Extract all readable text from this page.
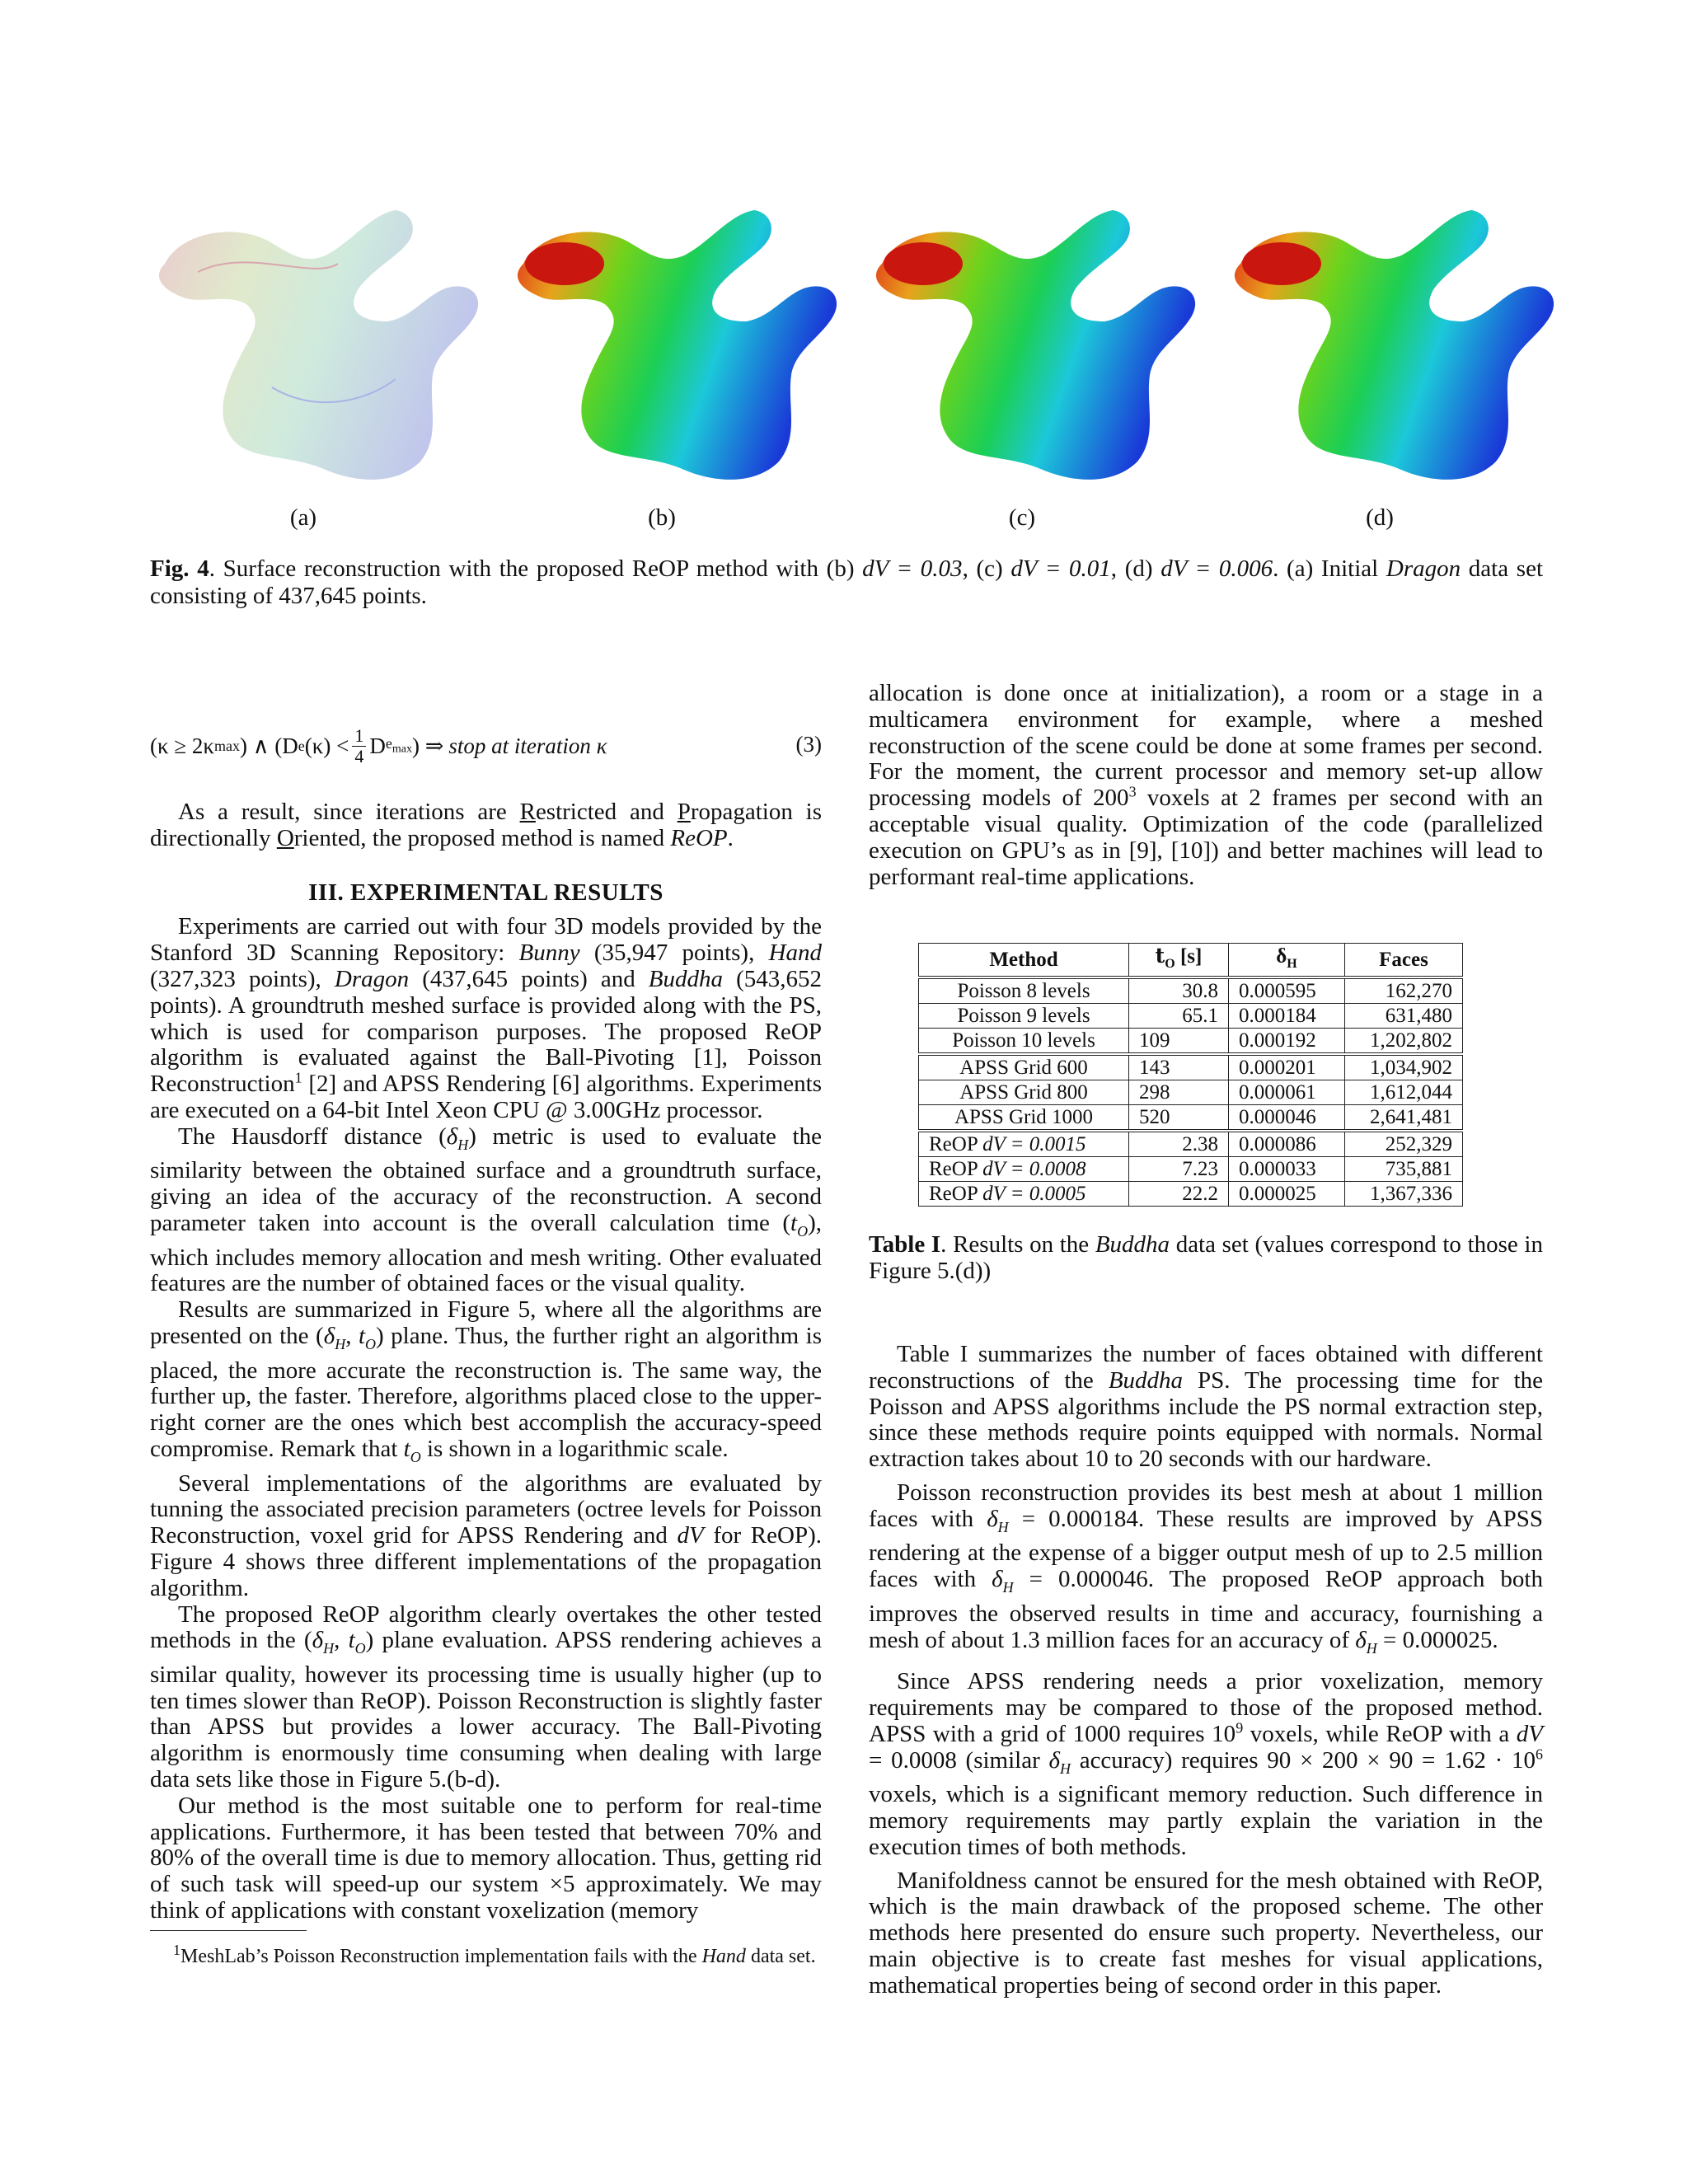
(a)	(b)	(c)	(d)
Fig. 4. Surface reconstruction with the proposed ReOP method with (b) dV = 0.03, (c) dV = 0.01, (d) dV = 0.006. (a) Initial Dragon data set consisting of 437,645 points.
(κ ≥ 2κ max ) ∧ (D e (κ) < 1
4 D $e_{max}$ ) ⇒ stop at iteration κ	(3)

As a result, since iterations are Restricted and Propagation is directionally Oriented, the proposed method is named ReOP.

III. EXPERIMENTAL RESULTS

Experiments are carried out with four 3D models provided by the Stanford 3D Scanning Repository: Bunny (35,947 points), Hand (327,323 points), Dragon (437,645 points) and Buddha (543,652 points). A groundtruth meshed surface is provided along with the PS, which is used for comparison purposes. The proposed ReOP algorithm is evaluated against the Ball-Pivoting [1], Poisson Reconstruction$^1$ [2] and APSS Rendering [6] algorithms. Experiments are executed on a 64-bit Intel Xeon CPU @ 3.00GHz processor.

The Hausdorff distance $(\delta_H)$ metric is used to evaluate the similarity between the obtained surface and a groundtruth surface, giving an idea of the accuracy of the reconstruction. A second parameter taken into account is the overall calculation time $(t_O)$, which includes memory allocation and mesh writing. Other evaluated features are the number of obtained faces or the visual quality.

Results are summarized in Figure 5, where all the algorithms are presented on the ($\delta_H$, $t_O$) plane. Thus, the further right an algorithm is placed, the more accurate the reconstruction is. The same way, the further up, the faster. Therefore, algorithms placed close to the upper-right corner are the ones which best accomplish the accuracy-speed compromise. Remark that $t_O$ is shown in a logarithmic scale.

Several implementations of the algorithms are evaluated by tunning the associated precision parameters (octree levels for Poisson Reconstruction, voxel grid for APSS Rendering and dV for ReOP). Figure 4 shows three different implementations of the propagation algorithm.

The proposed ReOP algorithm clearly overtakes the other tested methods in the ($\delta_H$, $t_O$) plane evaluation. APSS rendering achieves a similar quality, however its processing time is usually higher (up to ten times slower than ReOP). Poisson Reconstruction is slightly faster than APSS but provides a lower accuracy. The Ball-Pivoting algorithm is enormously time consuming when dealing with large data sets like those in Figure 5.(b-d).

Our method is the most suitable one to perform for real-time applications. Furthermore, it has been tested that between 70% and 80% of the overall time is due to memory allocation. Thus, getting rid of such task will speed-up our system ×5 approximately. We may think of applications with constant voxelization (memory

$^1$MeshLab’s Poisson Reconstruction implementation fails with the Hand data set.

allocation is done once at initialization), a room or a stage in a multicamera environment for example, where a meshed reconstruction of the scene could be done at some frames per second. For the moment, the current processor and memory set-up allow processing models of $200^3$ voxels at 2 frames per second with an acceptable visual quality. Optimization of the code (parallelized execution on GPU’s as in [9], [10]) and better machines will lead to performant real-time applications.

Method	$t_O$ [s]	$\delta_H$	Faces
Poisson 8 levels	30.8	0.000595	162,270
Poisson 9 levels	65.1	0.000184	631,480
Poisson 10 levels	109	0.000192	1,202,802
APSS Grid 600	143	0.000201	1,034,902
APSS Grid 800	298	0.000061	1,612,044
APSS Grid 1000	520	0.000046	2,641,481
ReOP dV = 0.0015	2.38	0.000086	252,329
ReOP dV = 0.0008	7.23	0.000033	735,881
ReOP dV = 0.0005	22.2	0.000025	1,367,336
Table I. Results on the Buddha data set (values correspond to those in Figure 5.(d))

Table I summarizes the number of faces obtained with different reconstructions of the Buddha PS. The processing time for the Poisson and APSS algorithms include the PS normal extraction step, since these methods require points equipped with normals. Normal extraction takes about 10 to 20 seconds with our hardware.

Poisson reconstruction provides its best mesh at about 1 million faces with $\delta_H = 0.000184$. These results are improved by APSS rendering at the expense of a bigger output mesh of up to 2.5 million faces with $\delta_H = 0.000046$. The proposed ReOP approach both improves the observed results in time and accuracy, fournishing a mesh of about 1.3 million faces for an accuracy of $\delta_H = 0.000025$.

Since APSS rendering needs a prior voxelization, memory requirements may be compared to those of the proposed method. APSS with a grid of 1000 requires $10^9$ voxels, while ReOP with a dV = 0.0008 (similar $\delta_H$ accuracy) requires $90 \times 200 \times 90 = 1.62 \cdot 10^6$ voxels, which is a significant memory reduction. Such difference in memory requirements may partly explain the variation in the execution times of both methods.

Manifoldness cannot be ensured for the mesh obtained with ReOP, which is the main drawback of the proposed scheme. The other methods here presented do ensure such property. Nevertheless, our main objective is to create fast meshes for visual applications, mathematical properties being of second order in this paper.
